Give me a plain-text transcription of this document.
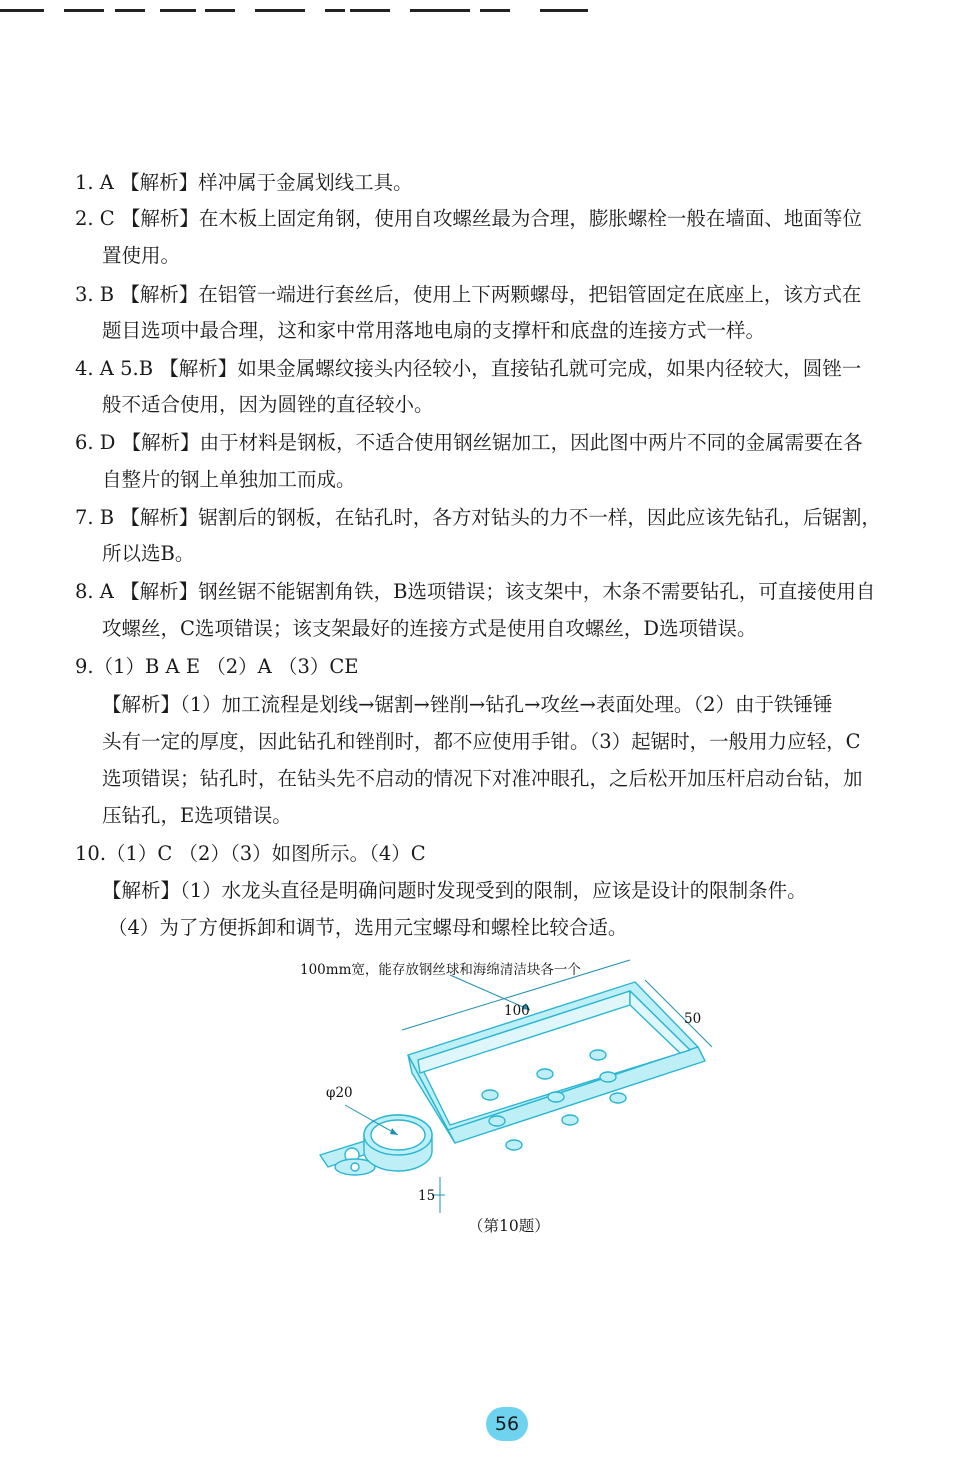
1. A 【解析】样冲属于金属划线工具。
2. C 【解析】在木板上固定角钢，使用自攻螺丝最为合理，膨胀螺栓一般在墙面、地面等位
置使用。
3. B 【解析】在铝管一端进行套丝后，使用上下两颗螺母，把铝管固定在底座上，该方式在
题目选项中最合理，这和家中常用落地电扇的支撑杆和底盘的连接方式一样。
4. A 5.B 【解析】如果金属螺纹接头内径较小，直接钻孔就可完成，如果内径较大，圆锉一
般不适合使用，因为圆锉的直径较小。
6. D 【解析】由于材料是钢板，不适合使用钢丝锯加工，因此图中两片不同的金属需要在各
自整片的钢上单独加工而成。
7. B 【解析】锯割后的钢板，在钻孔时，各方对钻头的力不一样，因此应该先钻孔，后锯割，
所以选B。
8. A 【解析】钢丝锯不能锯割角铁，B选项错误；该支架中，木条不需要钻孔，可直接使用自
攻螺丝，C选项错误；该支架最好的连接方式是使用自攻螺丝，D选项错误。
9.（1）B A E （2）A （3）CE
【解析】（1）加工流程是划线→锯割→锉削→钻孔→攻丝→表面处理。（2）由于铁锤锤
头有一定的厚度，因此钻孔和锉削时，都不应使用手钳。（3）起锯时，一般用力应轻，C
选项错误；钻孔时，在钻头先不启动的情况下对准冲眼孔，之后松开加压杆启动台钻，加
压钻孔，E选项错误。
10.（1）C （2）（3）如图所示。（4）C
【解析】（1）水龙头直径是明确问题时发现受到的限制，应该是设计的限制条件。
（4）为了方便拆卸和调节，选用元宝螺母和螺栓比较合适。
100mm宽，能存放钢丝球和海绵清洁块各一个
100	50
φ20
15
（第10题）
56
